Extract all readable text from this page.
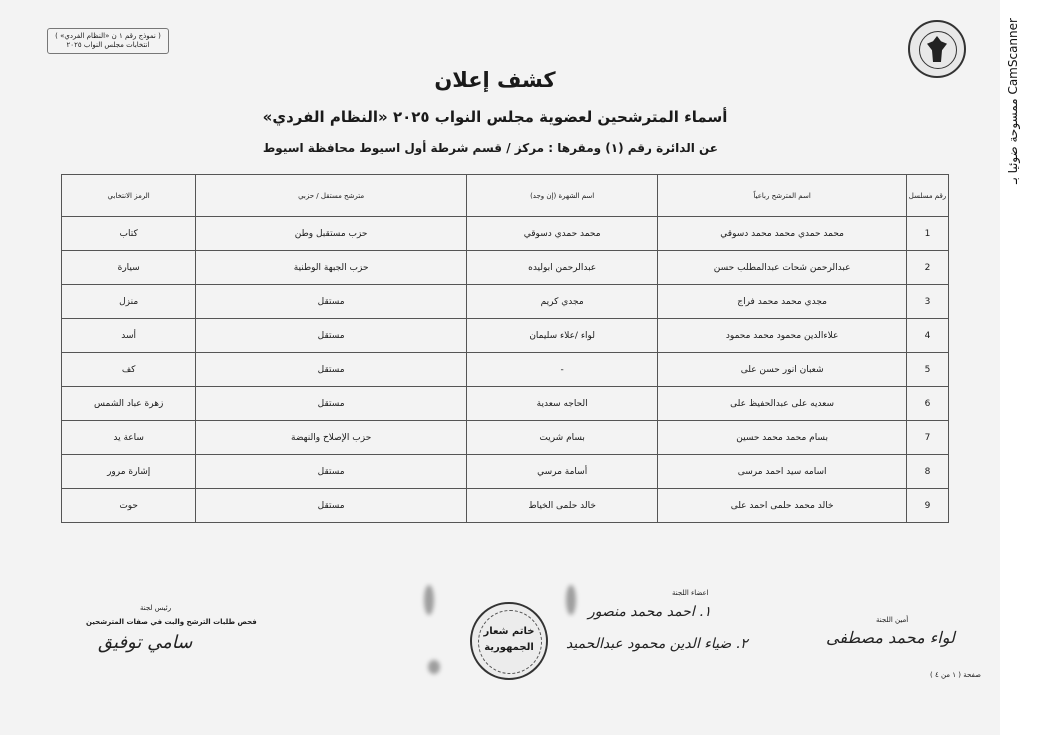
( نموذج رقم ١ ن «النظام الفردي» )
انتخابات مجلس النواب ٢٠٢٥
كشف إعلان
أسماء المترشحين لعضوية مجلس النواب ٢٠٢٥ «النظام الفردي»
عن الدائرة رقم (١) ومقرها : مركز / قسم شرطة أول اسيوط محافظة اسيوط
رقم مسلسل	اسم المترشح رباعياً	اسم الشهرة (إن وجد)	مترشح مستقل / حزبي	الرمز الانتخابي
1	محمد حمدي محمد محمد دسوقي	محمد حمدي دسوقي	حزب مستقبل وطن	كتاب
2	عبدالرحمن شحات عبدالمطلب حسن	عبدالرحمن ابوليده	حزب الجبهة الوطنية	سيارة
3	مجدي محمد محمد فراج	مجدي كريم	مستقل	منزل
4	علاءالدين محمود محمد محمود	لواء /علاء سليمان	مستقل	أسد
5	شعبان انور حسن على	-	مستقل	كف
6	سعديه على عبدالحفيظ على	الحاجه سعدية	مستقل	زهرة عباد الشمس
7	بسام محمد محمد حسين	بسام شريت	حزب الإصلاح والنهضة	ساعة يد
8	اسامه سيد احمد مرسى	أسامة مرسي	مستقل	إشارة مرور
9	خالد محمد حلمى احمد على	خالد حلمى الخياط	مستقل	حوت
رئيس لجنة
فحص طلبات الترشح والبت في صفات المترشحين
سامي توفيق
خاتم شعار الجمهورية
اعضاء اللجنة
١. احمد محمد منصور
٢. ضياء الدين محمود عبدالحميد
أمين اللجنة
لواء محمد مصطفى
صفحة ( ١ من ٤ )
ممسوحة ضوئيا بـ CamScanner
